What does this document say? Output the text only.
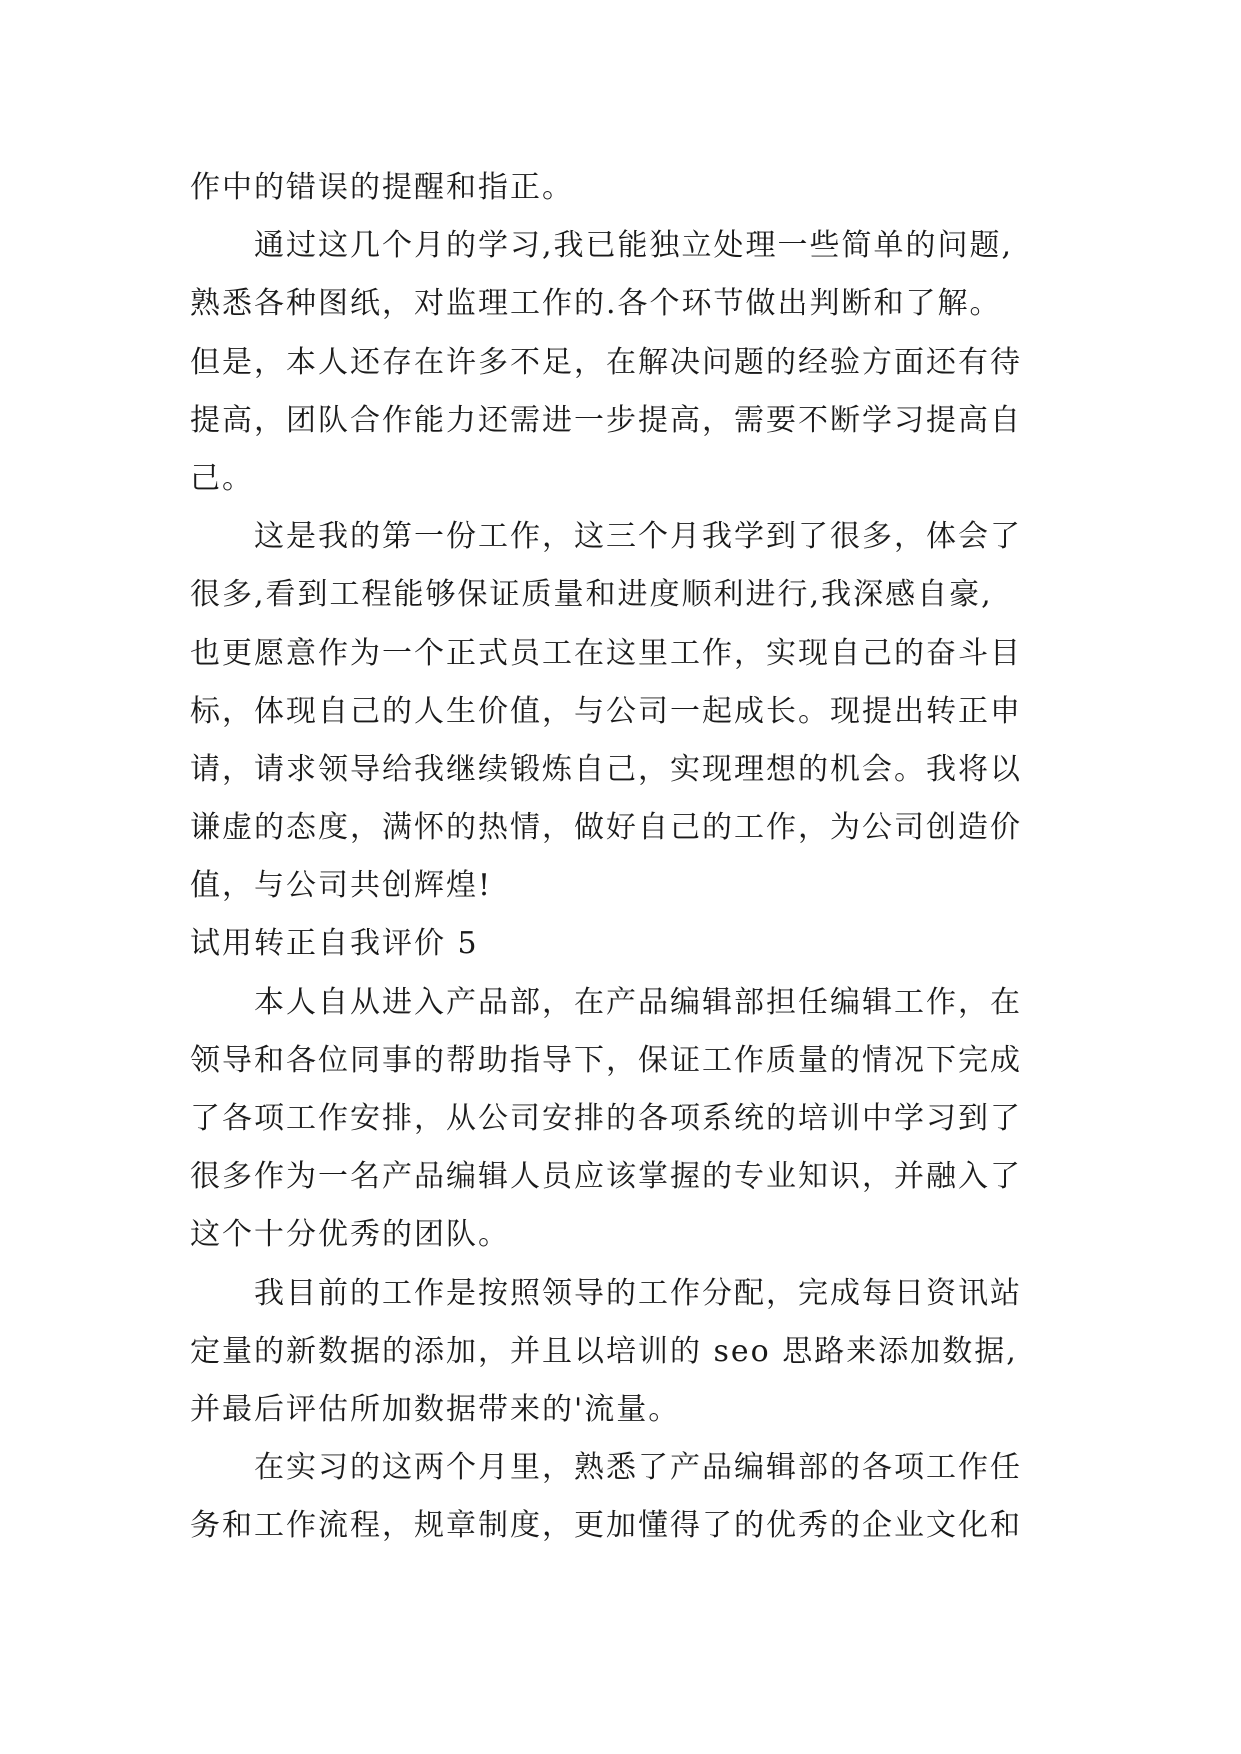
作中的错误的提醒和指正。
通过这几个月的学习,我已能独立处理一些简单的问题,
熟悉各种图纸，对监理工作的.各个环节做出判断和了解。
但是，本人还存在许多不足，在解决问题的经验方面还有待
提高，团队合作能力还需进一步提高，需要不断学习提高自
己。
这是我的第一份工作，这三个月我学到了很多，体会了
很多,看到工程能够保证质量和进度顺利进行,我深感自豪,
也更愿意作为一个正式员工在这里工作，实现自己的奋斗目
标，体现自己的人生价值，与公司一起成长。现提出转正申
请，请求领导给我继续锻炼自己，实现理想的机会。我将以
谦虚的态度，满怀的热情，做好自己的工作，为公司创造价
值，与公司共创辉煌!
试用转正自我评价 5
本人自从进入产品部，在产品编辑部担任编辑工作，在
领导和各位同事的帮助指导下，保证工作质量的情况下完成
了各项工作安排，从公司安排的各项系统的培训中学习到了
很多作为一名产品编辑人员应该掌握的专业知识，并融入了
这个十分优秀的团队。
我目前的工作是按照领导的工作分配，完成每日资讯站
定量的新数据的添加，并且以培训的 seo 思路来添加数据,
并最后评估所加数据带来的'流量。
在实习的这两个月里，熟悉了产品编辑部的各项工作任
务和工作流程，规章制度，更加懂得了的优秀的企业文化和
